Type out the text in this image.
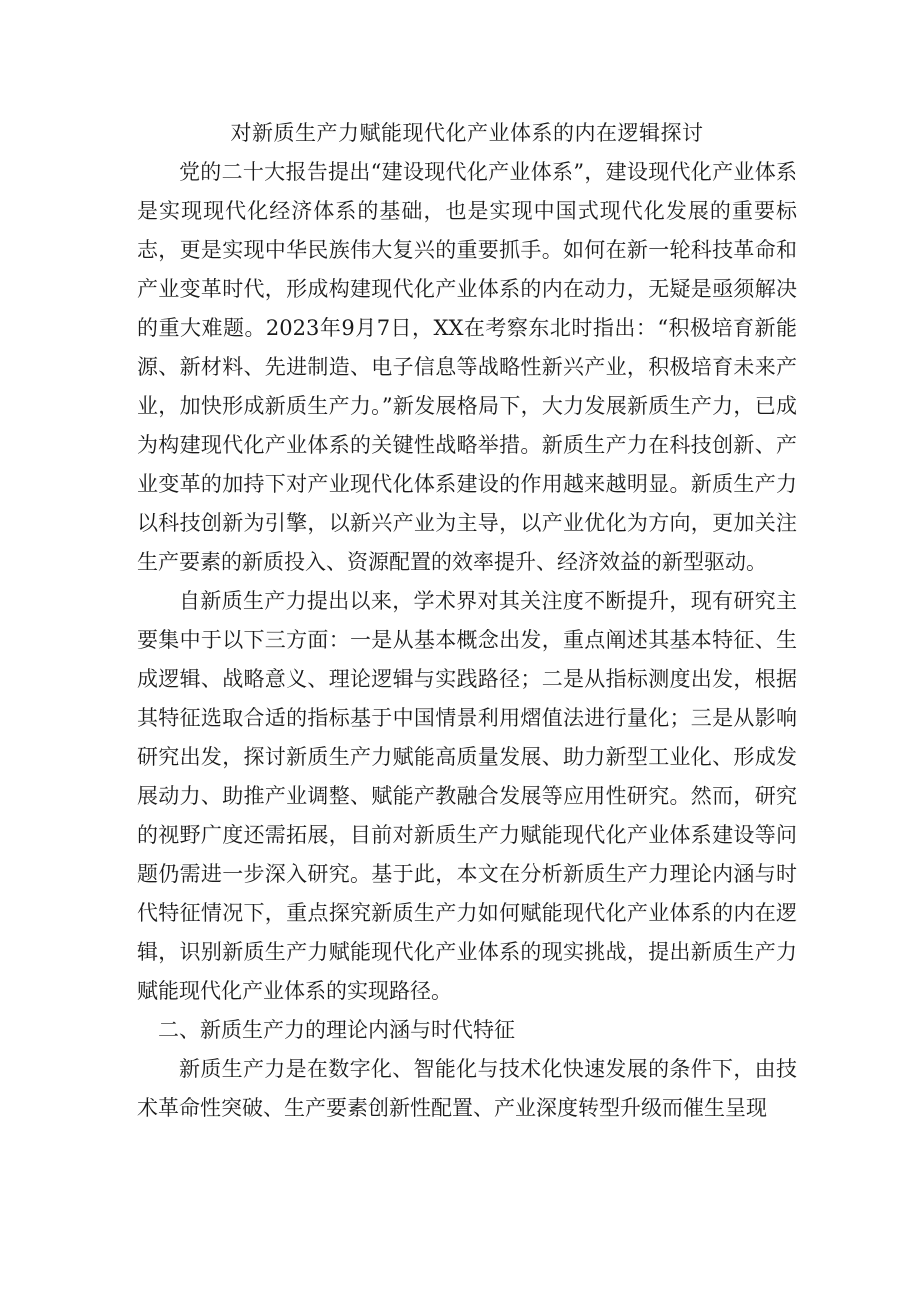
对新质生产力赋能现代化产业体系的内在逻辑探讨

党的二十大报告提出“建设现代化产业体系”，建设现代化产业体系是实现现代化经济体系的基础，也是实现中国式现代化发展的重要标志，更是实现中华民族伟大复兴的重要抓手。如何在新一轮科技革命和产业变革时代，形成构建现代化产业体系的内在动力，无疑是亟须解决的重大难题。2023年9月7日，XX在考察东北时指出：“积极培育新能源、新材料、先进制造、电子信息等战略性新兴产业，积极培育未来产业，加快形成新质生产力。”新发展格局下，大力发展新质生产力，已成为构建现代化产业体系的关键性战略举措。新质生产力在科技创新、产业变革的加持下对产业现代化体系建设的作用越来越明显。新质生产力以科技创新为引擎，以新兴产业为主导，以产业优化为方向，更加关注生产要素的新质投入、资源配置的效率提升、经济效益的新型驱动。

自新质生产力提出以来，学术界对其关注度不断提升，现有研究主要集中于以下三方面：一是从基本概念出发，重点阐述其基本特征、生成逻辑、战略意义、理论逻辑与实践路径；二是从指标测度出发，根据其特征选取合适的指标基于中国情景利用熠值法进行量化；三是从影响研究出发，探讨新质生产力赋能高质量发展、助力新型工业化、形成发展动力、助推产业调整、赋能产教融合发展等应用性研究。然而，研究的视野广度还需拓展，目前对新质生产力赋能现代化产业体系建设等问题仍需进一步深入研究。基于此，本文在分析新质生产力理论内涵与时代特征情况下，重点探究新质生产力如何赋能现代化产业体系的内在逻辑，识别新质生产力赋能现代化产业体系的现实挑战，提出新质生产力赋能现代化产业体系的实现路径。

二、新质生产力的理论内涵与时代特征

新质生产力是在数字化、智能化与技术化快速发展的条件下，由技术革命性突破、生产要素创新性配置、产业深度转型升级而催生呈现
